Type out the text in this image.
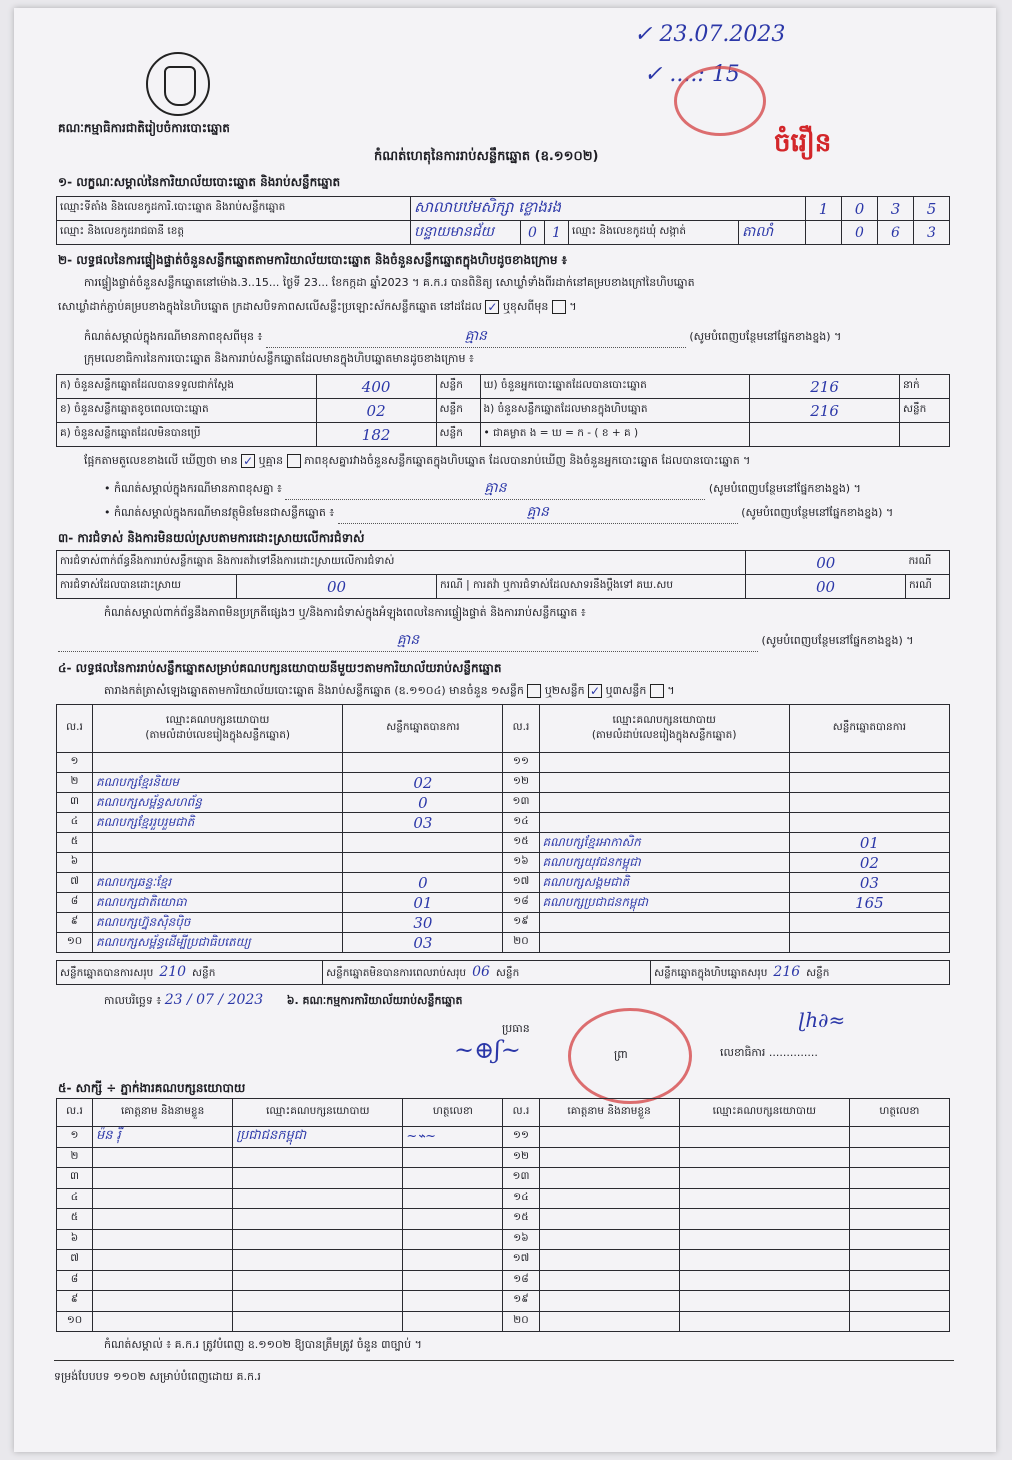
គណៈកម្មាធិការជាតិរៀបចំការបោះឆ្នោត
✓ 23.07.2023
✓ ....: 15
ចំរឿន
កំណត់ហេតុនៃការរាប់សន្លឹកឆ្នោត (ឧ.១១០២)
១- លក្ខណៈសម្គាល់នៃការិយាល័យបោះឆ្នោត និងរាប់សន្លឹកឆ្នោត
ឈ្មោះទីតាំង និងលេខកូដការិ.បោះឆ្នោត និងរាប់សន្លឹកឆ្នោត	សាលាបឋមសិក្សា ខ្លោងរង					1	0	3	5
ឈ្មោះ និងលេខកូដរាជធានី ខេត្ត	បន្ទាយមានជ័យ	0	1	ឈ្មោះ និងលេខកូដឃុំ សង្កាត់	តាលាំ		0	6	3
២- លទ្ធផលនៃការផ្ទៀងផ្ទាត់ចំនួនសន្លឹកឆ្នោតតាមការិយាល័យបោះឆ្នោត និងចំនួនសន្លឹកឆ្នោតក្នុងហិបដូចខាងក្រោម ៖
ការផ្ទៀងផ្ទាត់ចំនួនសន្លឹកឆ្នោតនៅម៉ោង.3..15... ថ្ងៃទី 23... ខែកក្កដា ឆ្នាំ2023 ។ គ.ក.រ បានពិនិត្យ សោឃ្លាំទាំងពីរដាក់នៅគម្របខាងក្រៅនៃហិបឆ្នោត
សោឃ្លាំដាក់ភ្ជាប់គម្របខាងក្នុងនៃហិបឆ្នោត ក្រដាសបិទភាពសលើសន្លឹះប្រឡោះស័កសន្លឹកឆ្នោត នៅដដែល ✓ ឬខុសពីមុន  ។
កំណត់សម្គាល់ក្នុងករណីមានភាពខុសពីមុន ៖	គ្មាន	(សូមបំពេញបន្ថែមនៅផ្នែកខាងខ្នង) ។
ក្រុមលេខាធិការនៃការបោះឆ្នោត និងការរាប់សន្លឹកឆ្នោតដែលមានក្នុងហិបឆ្នោតមានដូចខាងក្រោម ៖
ក) ចំនួនសន្លឹកឆ្នោតដែលបានទទួលជាក់ស្តែង	400	សន្លឹក	ឃ) ចំនួនអ្នកបោះឆ្នោតដែលបានបោះឆ្នោត	216	នាក់
ខ) ចំនួនសន្លឹកឆ្នោតខូចពេលបោះឆ្នោត	02	សន្លឹក	ង) ចំនួនសន្លឹកឆ្នោតដែលមានក្នុងហិបឆ្នោត	216	សន្លឹក
គ) ចំនួនសន្លឹកឆ្នោតដែលមិនបានប្រើ	182	សន្លឹក	• ជាគម្លាត ង = ឃ = ក - ( ខ + គ )		
ផ្អែកតាមតួលេខខាងលើ ឃើញថា មាន ✓ ឬគ្មាន ភាពខុសគ្នារវាងចំនួនសន្លឹកឆ្នោតក្នុងហិបឆ្នោត ដែលបានរាប់ឃើញ និងចំនួនអ្នកបោះឆ្នោត ដែលបានបោះឆ្នោត ។
• កំណត់សម្គាល់ក្នុងករណីមានភាពខុសគ្នា ៖	គ្មាន	(សូមបំពេញបន្ថែមនៅផ្នែកខាងខ្នង) ។
• កំណត់សម្គាល់ក្នុងករណីមានវត្ថុមិនមែនជាសន្លឹកឆ្នោត ៖	គ្មាន	(សូមបំពេញបន្ថែមនៅផ្នែកខាងខ្នង) ។
៣- ការជំទាស់ និងការមិនយល់ស្របតាមការដោះស្រាយលើការជំទាស់
ការជំទាស់ពាក់ព័ន្ធនឹងការរាប់សន្លឹកឆ្នោត និងការតវ៉ាទៅនឹងការដោះស្រាយលើការជំទាស់			00	ករណី
ការជំទាស់ដែលបានដោះស្រាយ	00	ករណី | ការតវ៉ា ឬការជំទាស់ដែលសាទរនឹងប្តឹងទៅ គឃ.សប	00	ករណី
កំណត់សម្គាល់ពាក់ព័ន្ធនឹងភាពមិនប្រក្រតីផ្សេងៗ ឬ/និងការជំទាស់ក្នុងអំឡុងពេលនៃការផ្ទៀងផ្ទាត់ និងការរាប់សន្លឹកឆ្នោត ៖
គ្មាន	(សូមបំពេញបន្ថែមនៅផ្នែកខាងខ្នង) ។
៤- លទ្ធផលនៃការរាប់សន្លឹកឆ្នោតសម្រាប់គណបក្សនយោបាយនីមួយៗតាមការិយាល័យរាប់សន្លឹកឆ្នោត
តារាងកត់ត្រាសំឡេងឆ្នោតតាមការិយាល័យបោះឆ្នោត និងរាប់សន្លឹកឆ្នោត (ឧ.១១០៤) មានចំនួន ១សន្លឹក ឬ២សន្លឹក ✓ ឬ៣សន្លឹក  ។
ល.រ	ឈ្មោះគណបក្សនយោបាយ
(តាមលំដាប់លេខរៀងក្នុងសន្លឹកឆ្នោត)	សន្លឹកឆ្នោតបានការ	ល.រ	ឈ្មោះគណបក្សនយោបាយ
(តាមលំដាប់លេខរៀងក្នុងសន្លឹកឆ្នោត)	សន្លឹកឆ្នោតបានការ
១			១១		
២	គណបក្សខ្មែរនិយម	02	១២		
៣	គណបក្សសម្ព័ន្ធសហព័ន្ធ	0	១៣		
៤	គណបក្សខ្មែររួបរួមជាតិ	03	១៤		
៥			១៥	គណបក្សខ្មែរអាកាសិក	01
៦			១៦	គណបក្សយុវជនកម្ពុជា	02
៧	គណបក្សឆន្ទៈខ្មែរ	0	១៧	គណបក្សសង្គមជាតិ	03
៨	គណបក្សជាតិយោធា	01	១៨	គណបក្សប្រជាជនកម្ពុជា	165
៩	គណបក្សហ្វ៊ុនស៊ិនប៉ិច	30	១៩		
១០	គណបក្សសម្ព័ន្ធដើម្បីប្រជាធិបតេយ្យ	03	២០		
សន្លឹកឆ្នោតបានការសរុប 210 សន្លឹក	សន្លឹកឆ្នោតមិនបានការពេលរាប់សរុប 06 សន្លឹក	សន្លឹកឆ្នោតក្នុងហិបឆ្នោតសរុប 216 សន្លឹក
កាលបរិច្ឆេទ ៖ 23 / 07 / 2023 ៦. គណៈកម្មការការិយាល័យរាប់សន្លឹកឆ្នោត
ប្រធាន
ព្រា	លេខាធិការ ..............
~⊕ʃ~
ɭℎ∂≈
៥- សាក្សី ÷ ភ្នាក់ងារគណបក្សនយោបាយ
ល.រ	គោត្តនាម និងនាមខ្លួន	ឈ្មោះគណបក្សនយោបាយ	ហត្ថលេខា	ល.រ	គោត្តនាម និងនាមខ្លួន	ឈ្មោះគណបក្សនយោបាយ	ហត្ថលេខា
១	ម៉ន រ៉ី	ប្រជាជនកម្ពុជា	~⌁~	១១			
២				១២			
៣				១៣			
៤				១៤			
៥				១៥			
៦				១៦			
៧				១៧			
៨				១៨			
៩				១៩			
១០				២០			
កំណត់សម្គាល់ ៖ គ.ក.រ ត្រូវបំពេញ ឧ.១១០២ ឱ្យបានត្រឹមត្រូវ ចំនួន ៣ច្បាប់ ។
ទម្រង់បែបបទ ១១០២ សម្រាប់បំពេញដោយ គ.ក.រ
